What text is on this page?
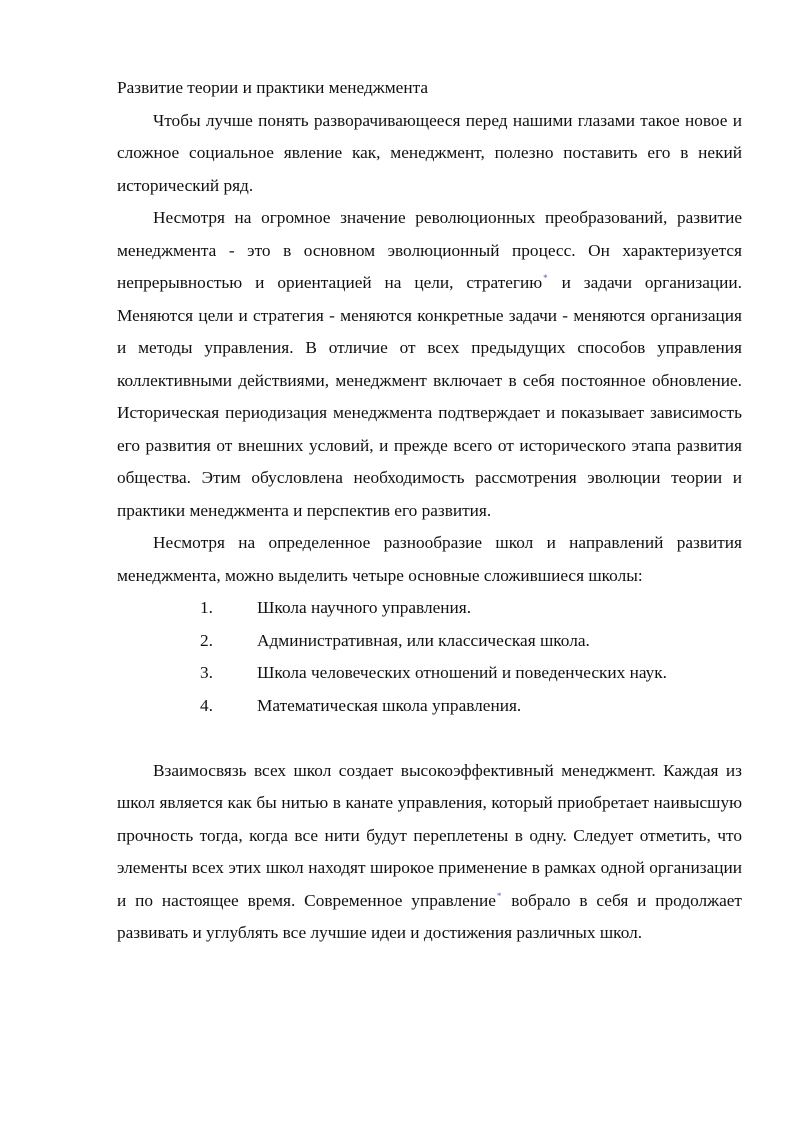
Развитие теории и практики менеджмента

Чтобы лучше понять разворачивающееся перед нашими глазами такое новое и сложное социальное явление как, менеджмент, полезно поставить его в некий исторический ряд.

Несмотря на огромное значение революционных преобразований, развитие менеджмента - это в основном эволюционный процесс. Он характеризуется непрерывностью и ориентацией на цели, стратегию* и задачи организации. Меняются цели и стратегия - меняются конкретные задачи - меняются организация и методы управления. В отличие от всех предыдущих способов управления коллективными действиями, менеджмент включает в себя постоянное обновление. Историческая периодизация менеджмента подтверждает и показывает зависимость его развития от внешних условий, и прежде всего от исторического этапа развития общества. Этим обусловлена необходимость рассмотрения эволюции теории и практики менеджмента и перспектив его развития.

Несмотря на определенное разнообразие школ и направлений развития менеджмента, можно выделить четыре основные сложившиеся школы:

1.	Школа научного управления.
2.	Административная, или классическая школа.
3.	Школа человеческих отношений и поведенческих наук.
4.	Математическая школа управления.

Взаимосвязь всех школ создает высокоэффективный менеджмент. Каждая из школ является как бы нитью в канате управления, который приобретает наивысшую прочность тогда, когда все нити будут переплетены в одну. Следует отметить, что элементы всех этих школ находят широкое применение в рамках одной организации и по настоящее время. Современное управление* вобрало в себя и продолжает развивать и углублять все лучшие идеи и достижения различных школ.
